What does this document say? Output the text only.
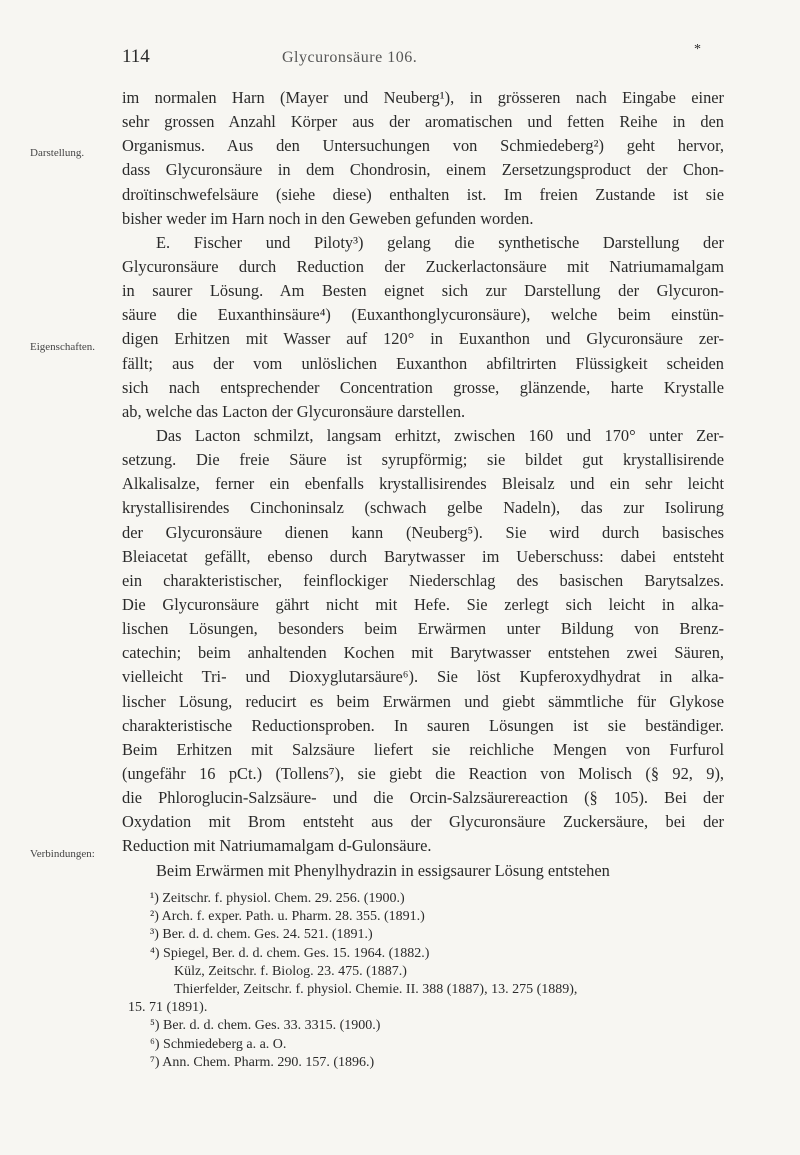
114	Glycuronsäure 106.	*
Darstellung.
Eigenschaften.
Verbindungen:
im normalen Harn (Mayer und Neuberg¹), in grösseren nach Eingabe einer
sehr grossen Anzahl Körper aus der aromatischen und fetten Reihe in den
Organismus. Aus den Untersuchungen von Schmiedeberg²) geht hervor,
dass Glycuronsäure in dem Chondrosin, einem Zersetzungsproduct der Chon-
droïtinschwefelsäure (siehe diese) enthalten ist. Im freien Zustande ist sie
bisher weder im Harn noch in den Geweben gefunden worden.
E. Fischer und Piloty³) gelang die synthetische Darstellung der
Glycuronsäure durch Reduction der Zuckerlactonsäure mit Natriumamalgam
in saurer Lösung. Am Besten eignet sich zur Darstellung der Glycuron-
säure die Euxanthinsäure⁴) (Euxanthonglycuronsäure), welche beim einstün-
digen Erhitzen mit Wasser auf 120° in Euxanthon und Glycuronsäure zer-
fällt; aus der vom unlöslichen Euxanthon abfiltrirten Flüssigkeit scheiden
sich nach entsprechender Concentration grosse, glänzende, harte Krystalle
ab, welche das Lacton der Glycuronsäure darstellen.
Das Lacton schmilzt, langsam erhitzt, zwischen 160 und 170° unter Zer-
setzung. Die freie Säure ist syrupförmig; sie bildet gut krystallisirende
Alkalisalze, ferner ein ebenfalls krystallisirendes Bleisalz und ein sehr leicht
krystallisirendes Cinchoninsalz (schwach gelbe Nadeln), das zur Isolirung
der Glycuronsäure dienen kann (Neuberg⁵). Sie wird durch basisches
Bleiacetat gefällt, ebenso durch Barytwasser im Ueberschuss: dabei entsteht
ein charakteristischer, feinflockiger Niederschlag des basischen Barytsalzes.
Die Glycuronsäure gährt nicht mit Hefe. Sie zerlegt sich leicht in alka-
lischen Lösungen, besonders beim Erwärmen unter Bildung von Brenz-
catechin; beim anhaltenden Kochen mit Barytwasser entstehen zwei Säuren,
vielleicht Tri- und Dioxyglutarsäure⁶). Sie löst Kupferoxydhydrat in alka-
lischer Lösung, reducirt es beim Erwärmen und giebt sämmtliche für Glykose
charakteristische Reductionsproben. In sauren Lösungen ist sie beständiger.
Beim Erhitzen mit Salzsäure liefert sie reichliche Mengen von Furfurol
(ungefähr 16 pCt.) (Tollens⁷), sie giebt die Reaction von Molisch (§ 92, 9),
die Phloroglucin-Salzsäure- und die Orcin-Salzsäurereaction (§ 105). Bei der
Oxydation mit Brom entsteht aus der Glycuronsäure Zuckersäure, bei der
Reduction mit Natriumamalgam d-Gulonsäure.
Beim Erwärmen mit Phenylhydrazin in essigsaurer Lösung entstehen
¹) Zeitschr. f. physiol. Chem. 29. 256. (1900.)
²) Arch. f. exper. Path. u. Pharm. 28. 355. (1891.)
³) Ber. d. d. chem. Ges. 24. 521. (1891.)
⁴) Spiegel, Ber. d. d. chem. Ges. 15. 1964. (1882.)
Külz, Zeitschr. f. Biolog. 23. 475. (1887.)
Thierfelder, Zeitschr. f. physiol. Chemie. II. 388 (1887), 13. 275 (1889),
15. 71 (1891).
⁵) Ber. d. d. chem. Ges. 33. 3315. (1900.)
⁶) Schmiedeberg a. a. O.
⁷) Ann. Chem. Pharm. 290. 157. (1896.)
